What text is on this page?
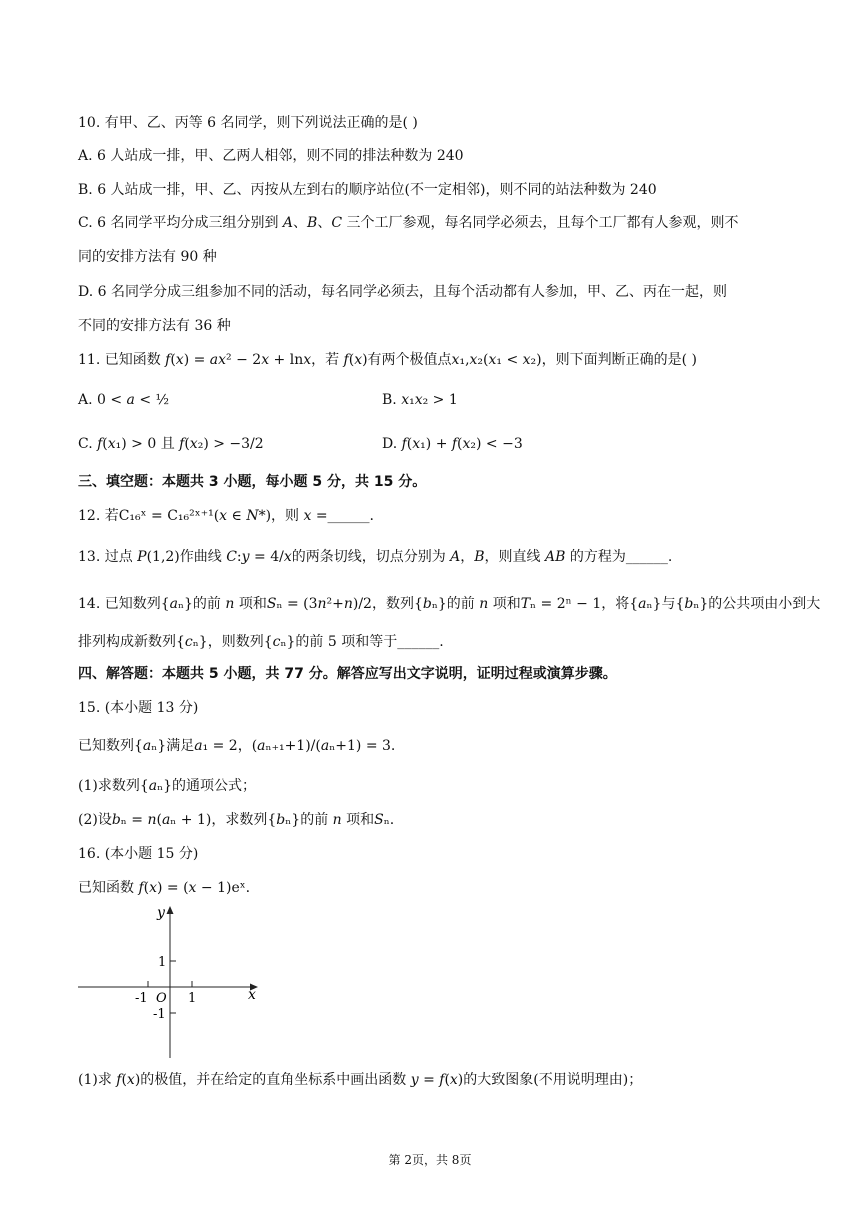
10. 有甲、乙、丙等 6 名同学，则下列说法正确的是( )
A. 6 人站成一排，甲、乙两人相邻，则不同的排法种数为 240
B. 6 人站成一排，甲、乙、丙按从左到右的顺序站位(不一定相邻)，则不同的站法种数为 240
C. 6 名同学平均分成三组分别到 𝐴、𝐵、𝐶 三个工厂参观，每名同学必须去，且每个工厂都有人参观，则不
同的安排方法有 90 种
D. 6 名同学分成三组参加不同的活动，每名同学必须去，且每个活动都有人参加，甲、乙、丙在一起，则
不同的安排方法有 36 种
11. 已知函数 𝑓(𝑥) = 𝑎𝑥² − 2𝑥 + ln𝑥，若 𝑓(𝑥)有两个极值点𝑥₁,𝑥₂(𝑥₁ < 𝑥₂)，则下面判断正确的是( )
A. 0 < 𝑎 < ½	B. 𝑥₁𝑥₂ > 1
C. 𝑓(𝑥₁) > 0 且 𝑓(𝑥₂) > −3/2	D. 𝑓(𝑥₁) + 𝑓(𝑥₂) < −3
三、填空题：本题共 3 小题，每小题 5 分，共 15 分。
12. 若C₁₆ˣ = C₁₆²ˣ⁺¹(𝑥 ∈ 𝑁*)，则 𝑥 =______.
13. 过点 𝑃(1,2)作曲线 𝐶:𝑦 = 4/𝑥的两条切线，切点分别为 𝐴，𝐵，则直线 𝐴𝐵 的方程为______.
14. 已知数列{𝑎ₙ}的前 𝑛 项和𝑆ₙ = (3𝑛²+𝑛)/2，数列{𝑏ₙ}的前 𝑛 项和𝑇ₙ = 2ⁿ − 1，将{𝑎ₙ}与{𝑏ₙ}的公共项由小到大
排列构成新数列{𝑐ₙ}，则数列{𝑐ₙ}的前 5 项和等于______.
四、解答题：本题共 5 小题，共 77 分。解答应写出文字说明，证明过程或演算步骤。
15. (本小题 13 分)
已知数列{𝑎ₙ}满足𝑎₁ = 2，(𝑎ₙ₊₁+1)/(𝑎ₙ+1) = 3.
(1)求数列{𝑎ₙ}的通项公式；
(2)设𝑏ₙ = 𝑛(𝑎ₙ + 1)，求数列{𝑏ₙ}的前 𝑛 项和𝑆ₙ.
16. (本小题 15 分)
已知函数 𝑓(𝑥) = (𝑥 − 1)eˣ.
y
x
O
1
-1
1
-1
(1)求 𝑓(𝑥)的极值，并在给定的直角坐标系中画出函数 𝑦 = 𝑓(𝑥)的大致图象(不用说明理由)；
第 2页，共 8页
